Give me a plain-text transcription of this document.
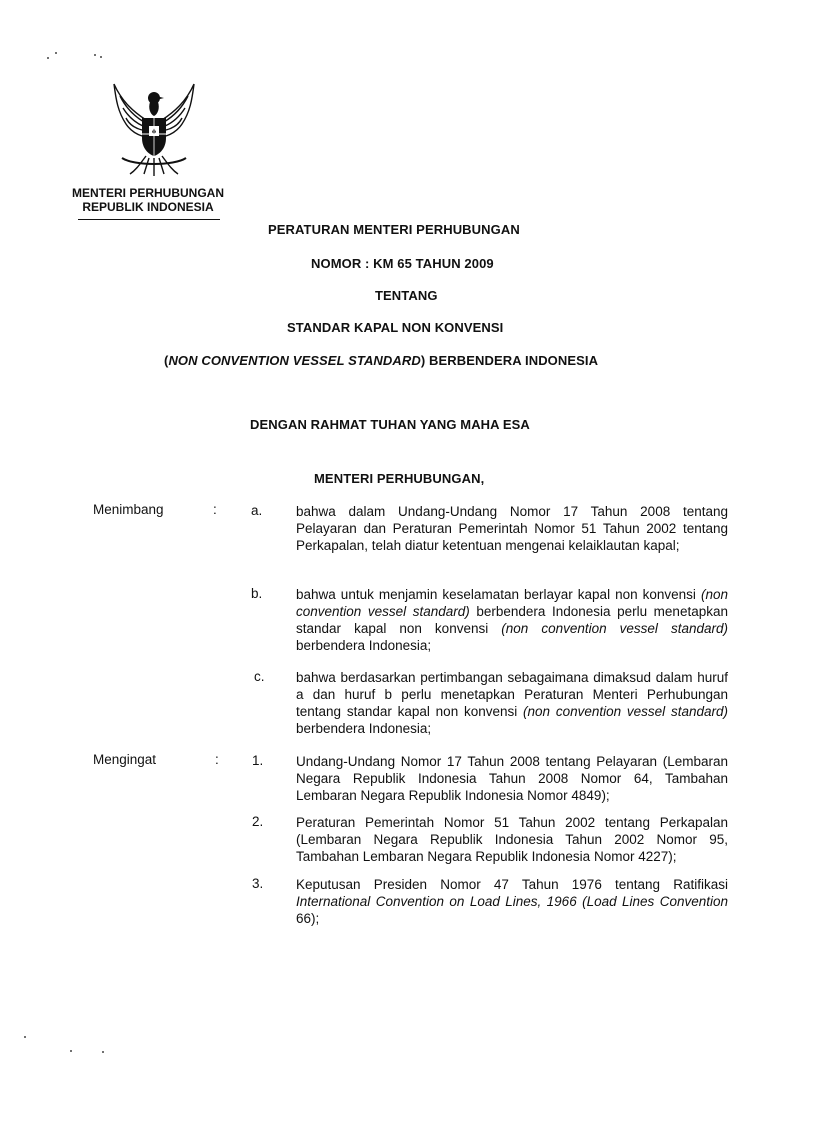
MENTERI PERHUBUNGAN
REPUBLIK INDONESIA
PERATURAN MENTERI PERHUBUNGAN
NOMOR : KM 65 TAHUN 2009
TENTANG
STANDAR KAPAL NON KONVENSI
(NON CONVENTION VESSEL STANDARD) BERBENDERA INDONESIA
DENGAN RAHMAT TUHAN YANG MAHA ESA
MENTERI PERHUBUNGAN,
Menimbang	:	a. bahwa dalam Undang-Undang Nomor 17 Tahun 2008 tentang Pelayaran dan Peraturan Pemerintah Nomor 51 Tahun 2002 tentang Perkapalan, telah diatur ketentuan mengenai kelaiklautan kapal;
b. bahwa untuk menjamin keselamatan berlayar kapal non konvensi (non convention vessel standard) berbendera Indonesia perlu menetapkan standar kapal non konvensi (non convention vessel standard) berbendera Indonesia;
c. bahwa berdasarkan pertimbangan sebagaimana dimaksud dalam huruf a dan huruf b perlu menetapkan Peraturan Menteri Perhubungan tentang standar kapal non konvensi (non convention vessel standard) berbendera Indonesia;
Mengingat	: 1. Undang-Undang Nomor 17 Tahun 2008 tentang Pelayaran (Lembaran Negara Republik Indonesia Tahun 2008 Nomor 64, Tambahan Lembaran Negara Republik Indonesia Nomor 4849);
2. Peraturan Pemerintah Nomor 51 Tahun 2002 tentang Perkapalan (Lembaran Negara Republik Indonesia Tahun 2002 Nomor 95, Tambahan Lembaran Negara Republik Indonesia Nomor 4227);
3. Keputusan Presiden Nomor 47 Tahun 1976 tentang Ratifikasi International Convention on Load Lines, 1966 (Load Lines Convention 66);
